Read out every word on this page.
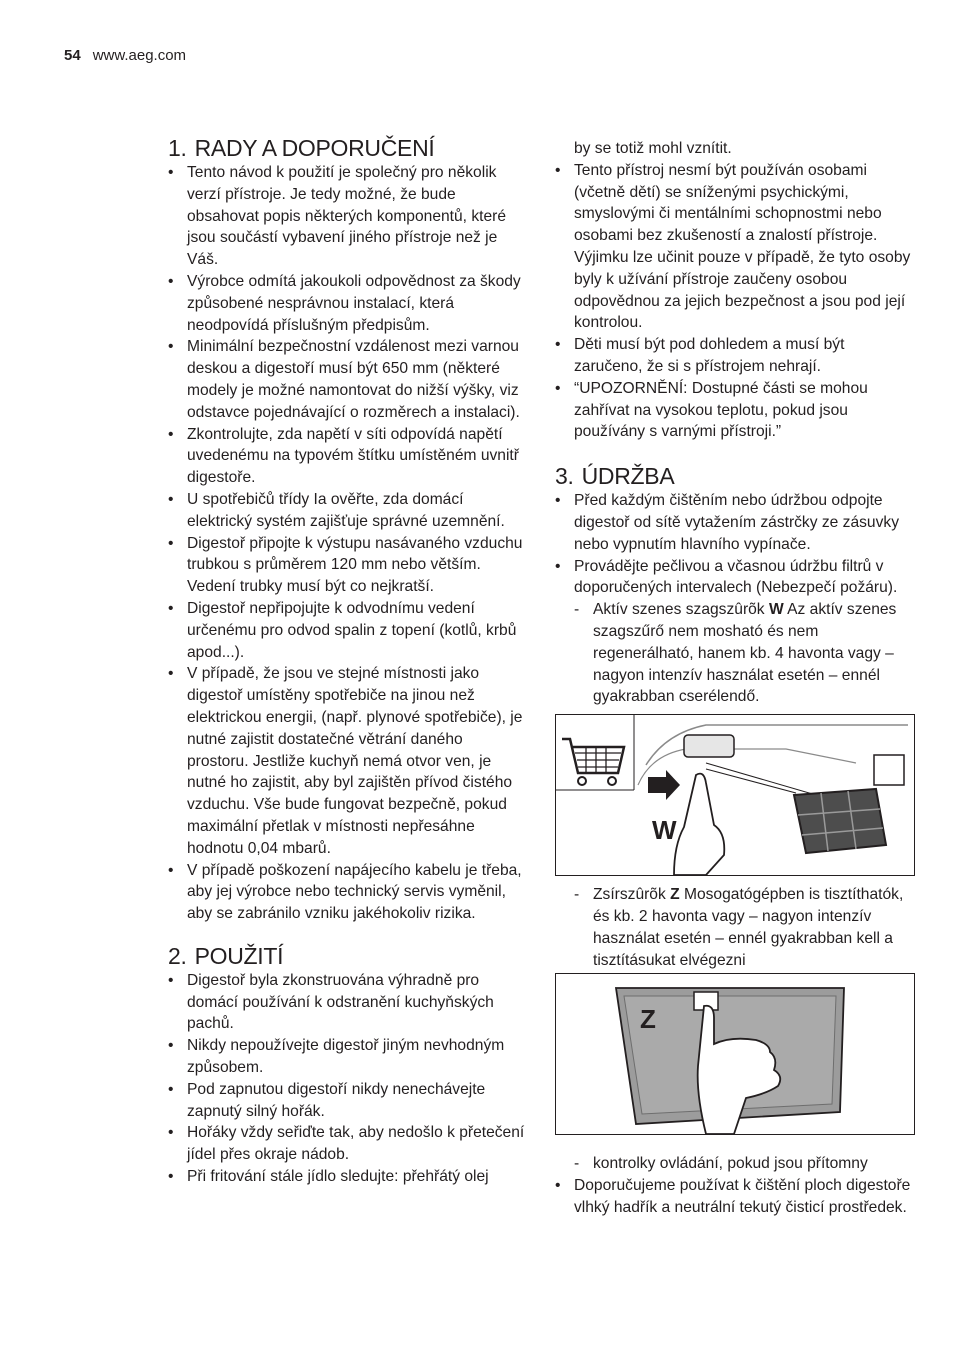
54 www.aeg.com
1. RADY A DOPORUČENÍ
• Tento návod k použití je společný pro několik verzí přístroje. Je tedy možné, že bude obsahovat popis některých komponentů, které jsou součástí vybavení jiného přístroje než je Váš.
• Výrobce odmítá jakoukoli odpovědnost za škody způsobené nesprávnou instalací, která neodpovídá příslušným předpisům.
• Minimální bezpečnostní vzdálenost mezi varnou deskou a digestoří musí být 650 mm (některé modely je možné namontovat do nižší výšky, viz odstavce pojednávající o rozměrech a instalaci).
• Zkontrolujte, zda napětí v síti odpovídá napětí uvedenému na typovém štítku umístěném uvnitř digestoře.
• U spotřebičů třídy Ia ověřte, zda domácí elektrický systém zajišťuje správné uzemnění.
• Digestoř připojte k výstupu nasávaného vzduchu trubkou s průměrem 120 mm nebo větším. Vedení trubky musí být co nejkratší.
• Digestoř nepřipojujte k odvodnímu vedení určenému pro odvod spalin z topení (kotlů, krbů apod...).
• V případě, že jsou ve stejné místnosti jako digestoř umístěny spotřebiče na jinou než elektrickou energii, (např. plynové spotřebiče), je nutné zajistit dostatečné větrání daného prostoru. Jestliže kuchyň nemá otvor ven, je nutné ho zajistit, aby byl zajištěn přívod čistého vzduchu. Vše bude fungovat bezpečně, pokud maximální přetlak v místnosti nepřesáhne hodnotu 0,04 mbarů.
• V případě poškození napájecího kabelu je třeba, aby jej výrobce nebo technický servis vyměnil, aby se zabránilo vzniku jakéhokoliv rizika.
2. POUŽITÍ
• Digestoř byla zkonstruována výhradně pro domácí používání k odstranění kuchyňských pachů.
• Nikdy nepoužívejte digestoř jiným nevhodným způsobem.
• Pod zapnutou digestoří nikdy nenechávejte zapnutý silný hořák.
• Hořáky vždy seřiďte tak, aby nedošlo k přetečení jídel přes okraje nádob.
• Při fritování stále jídlo sledujte: přehřátý olej
by se totiž mohl vznítit.
• Tento přístroj nesmí být používán osobami (včetně dětí) se sníženými psychickými, smyslovými či mentálními schopnostmi nebo osobami bez zkušeností a znalostí přístroje. Výjimku lze učinit pouze v případě, že tyto osoby byly k užívání přístroje zaučeny osobou odpovědnou za jejich bezpečnost a jsou pod její kontrolou.
• Děti musí být pod dohledem a musí být zaručeno, že si s přístrojem nehrají.
• “UPOZORNĚNÍ: Dostupné části se mohou zahřívat na vysokou teplotu, pokud jsou používány s varnými přístroji.”
3. ÚDRŽBA
• Před každým čištěním nebo údržbou odpojte digestoř od sítě vytažením zástrčky ze zásuvky nebo vypnutím hlavního vypínače.
• Provádějte pečlivou a včasnou údržbu filtrů v doporučených intervalech (Nebezpečí požáru).
- Aktív szenes szagszûrõk W Az aktív szenes szagszűrő nem mosható és nem regenerálható, hanem kb. 4 havonta vagy – nagyon intenzív használat esetén – ennél gyakrabban cserélendő.
W
- Zsírszûrõk Z Mosogatógépben is tisztíthatók, és kb. 2 havonta vagy – nagyon intenzív használat esetén – ennél gyakrabban kell a tisztításukat elvégezni
Z
- kontrolky ovládání, pokud jsou přítomny
• Doporučujeme používat k čištění ploch digestoře vlhký hadřík a neutrální tekutý čisticí prostředek.
